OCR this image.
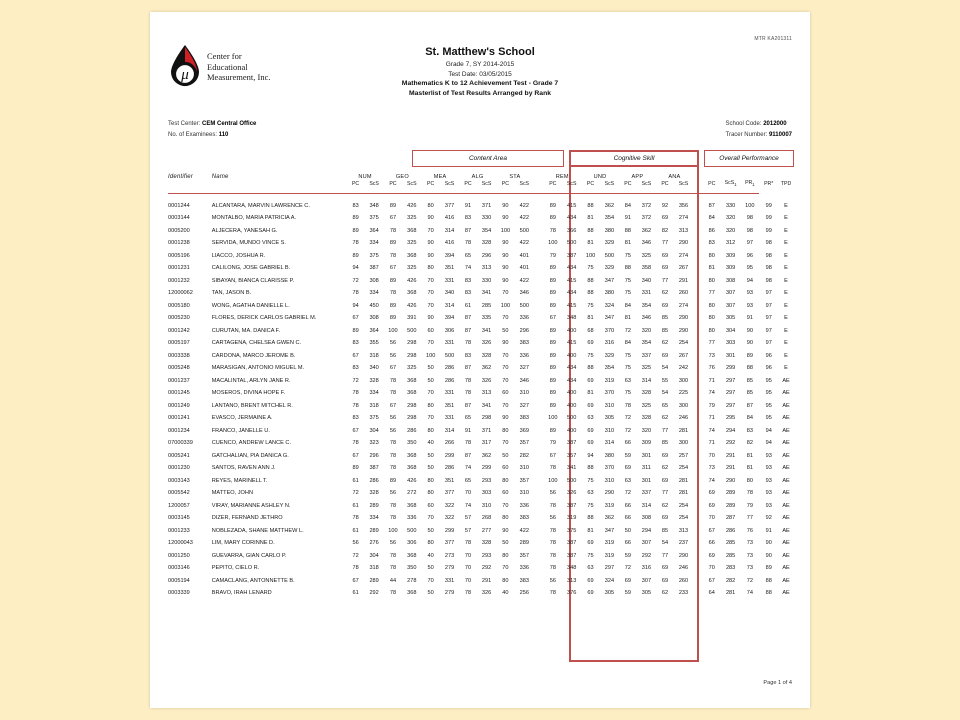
MTR KA201311
μ
Center for
Educational
Measurement, Inc.
St. Matthew's School
Grade 7, SY 2014-2015
Test Date: 03/05/2015
Mathematics K to 12 Achievement Test - Grade 7
Masterlist of Test Results Arranged by Rank
Test Center: CEM Central Office
No. of Examinees: 110
School Code: 2012000
Tracer Number: 9110007
Content Area	Cognitive Skill	Overall Performance
Identifier	Name	NUM		GEO		MEA		ALG		STA			REM		UND		APP		ANA							
		PC	ScS	PC	ScS	PC	ScS	PC	ScS	PC	ScS		PC	ScS	PC	ScS	PC	ScS	PC	ScS		PC	ScS$_1$	$PR_1$	PR*	TPD

0001244	ALCANTARA, MARVIN LAWRENCE C.	83	348	89	426	80	377	91	371	90	422		89	415	88	362	84	372	92	356		87	330	100	99	E
0003144	MONTALBO, MARIA PATRICIA A.	89	375	67	325	90	416	83	330	90	422		89	434	81	354	91	372	69	274		84	320	98	99	E
0005200	ALJECERA, YANESAH G.	89	364	78	368	70	314	87	354	100	500		78	366	88	380	88	362	82	313		86	320	98	99	E
0001238	SERVIDA, MUNDO VINCE S.	78	334	89	325	90	416	78	328	90	422		100	500	81	329	81	346	77	290		83	312	97	98	E
0005196	LIACCO, JOSHUA R.	89	375	78	368	90	394	65	296	90	401		79	387	100	500	75	325	69	274		80	309	96	98	E
0001231	CALILONG, JOSE GABRIEL B.	94	387	67	325	80	351	74	313	90	401		89	434	75	329	88	358	69	267		81	309	95	98	E
0001232	SIBAYAN, BIANCA CLARISSE P.	72	308	89	426	70	331	83	330	90	422		89	415	88	347	75	340	77	291		80	308	94	98	E
12000062	TAN, JASON B.	78	334	78	368	70	340	83	341	70	346		89	434	88	380	75	331	62	260		77	307	93	97	E
0005180	WONG, AGATHA DANIELLE L.	94	450	89	426	70	314	61	285	100	500		89	415	75	324	84	354	69	274		80	307	93	97	E
0005230	FLORES, DERICK CARLOS GABRIEL M.	67	308	89	391	90	394	87	335	70	336		67	348	81	347	81	346	85	290		80	305	91	97	E
0001242	CURUTAN, MA. DANICA F.	89	364	100	500	60	306	87	341	50	296		89	400	68	370	72	320	85	290		80	304	90	97	E
0005197	CARTAGENA, CHELSEA GWEN C.	83	355	56	298	70	331	78	326	90	383		89	415	69	316	84	354	62	254		77	303	90	97	E
0003338	CARDONA, MARCO JEROME B.	67	318	56	298	100	500	83	328	70	336		89	400	75	329	75	337	69	267		73	301	89	96	E
0005248	MARASIGAN, ANTONIO MIGUEL M.	83	340	67	325	50	286	87	362	70	327		89	434	88	354	75	325	54	242		76	299	88	96	E
0001237	MACALINTAL, ARLYN JANE R.	72	328	78	368	50	286	78	326	70	346		89	434	69	319	63	314	55	300		71	297	85	95	AE
0001245	MOSEROS, DIVINA HOPE F.	78	334	78	368	70	331	78	313	60	310		89	400	81	370	75	328	54	225		74	297	85	95	AE
0001249	LANTANO, BRENT MITCHEL R.	78	318	67	298	80	351	87	341	70	327		89	400	69	310	78	325	65	300		79	297	87	95	AE
0001241	EVASCO, JERMAINE A.	83	375	56	298	70	331	65	298	90	383		100	500	63	305	72	328	62	246		71	295	84	95	AE
0001234	FRANCO, JANELLE U.	67	304	56	286	80	314	91	371	80	369		89	400	69	310	72	320	77	281		74	294	83	94	AE
07000339	CUENCO, ANDREW LANCE C.	78	323	78	350	40	266	78	317	70	357		79	387	69	314	66	309	85	300		71	292	82	94	AE
0005241	GATCHALIAN, PIA DANICA G.	67	296	78	368	50	299	87	362	50	282		67	357	94	380	59	301	69	257		70	291	81	93	AE
0001230	SANTOS, RAVEN ANN J.	89	387	78	368	50	286	74	299	60	310		78	341	88	370	69	311	62	254		73	291	81	93	AE
0003143	REYES, MARINELL T.	61	286	89	426	80	351	65	293	80	357		100	500	75	310	63	301	69	281		74	290	80	93	AE
0005542	MATTEO, JOHN	72	328	56	272	80	377	70	303	60	310		56	326	63	290	72	337	77	281		69	289	78	93	AE
1200057	VIRAY, MARIANNE ASHLEY N.	61	289	78	368	60	322	74	310	70	336		78	387	75	319	66	314	62	254		69	289	79	93	AE
0003145	DIZER, FERNAND JETHRO	78	334	78	336	70	322	57	268	80	383		56	319	88	362	66	308	69	254		70	287	77	92	AE
0001233	NOBLEZADA, SHANE MATTHEW L.	61	289	100	500	50	299	57	277	90	422		78	375	81	347	50	294	85	313		67	286	76	91	AE
12000043	LIM, MARY CORINNE D.	56	276	56	306	80	377	78	328	50	289		78	387	69	319	66	307	54	237		66	285	73	90	AE
0001250	GUEVARRA, GIAN CARLO P.	72	304	78	368	40	273	70	293	80	357		78	387	75	319	59	292	77	290		69	285	73	90	AE
0003146	PEPITO, CIELO R.	78	318	78	350	50	279	70	292	70	336		78	348	63	297	72	316	69	246		70	283	73	89	AE
0005194	CAMACLANG, ANTONNETTE B.	67	289	44	278	70	331	70	291	80	383		56	313	69	324	69	307	69	260		67	282	72	88	AE
0003339	BRAVO, IRAH LENARD	61	292	78	368	50	279	78	326	40	256		78	376	69	305	59	305	62	233		64	281	74	88	AE
Page 1 of 4
